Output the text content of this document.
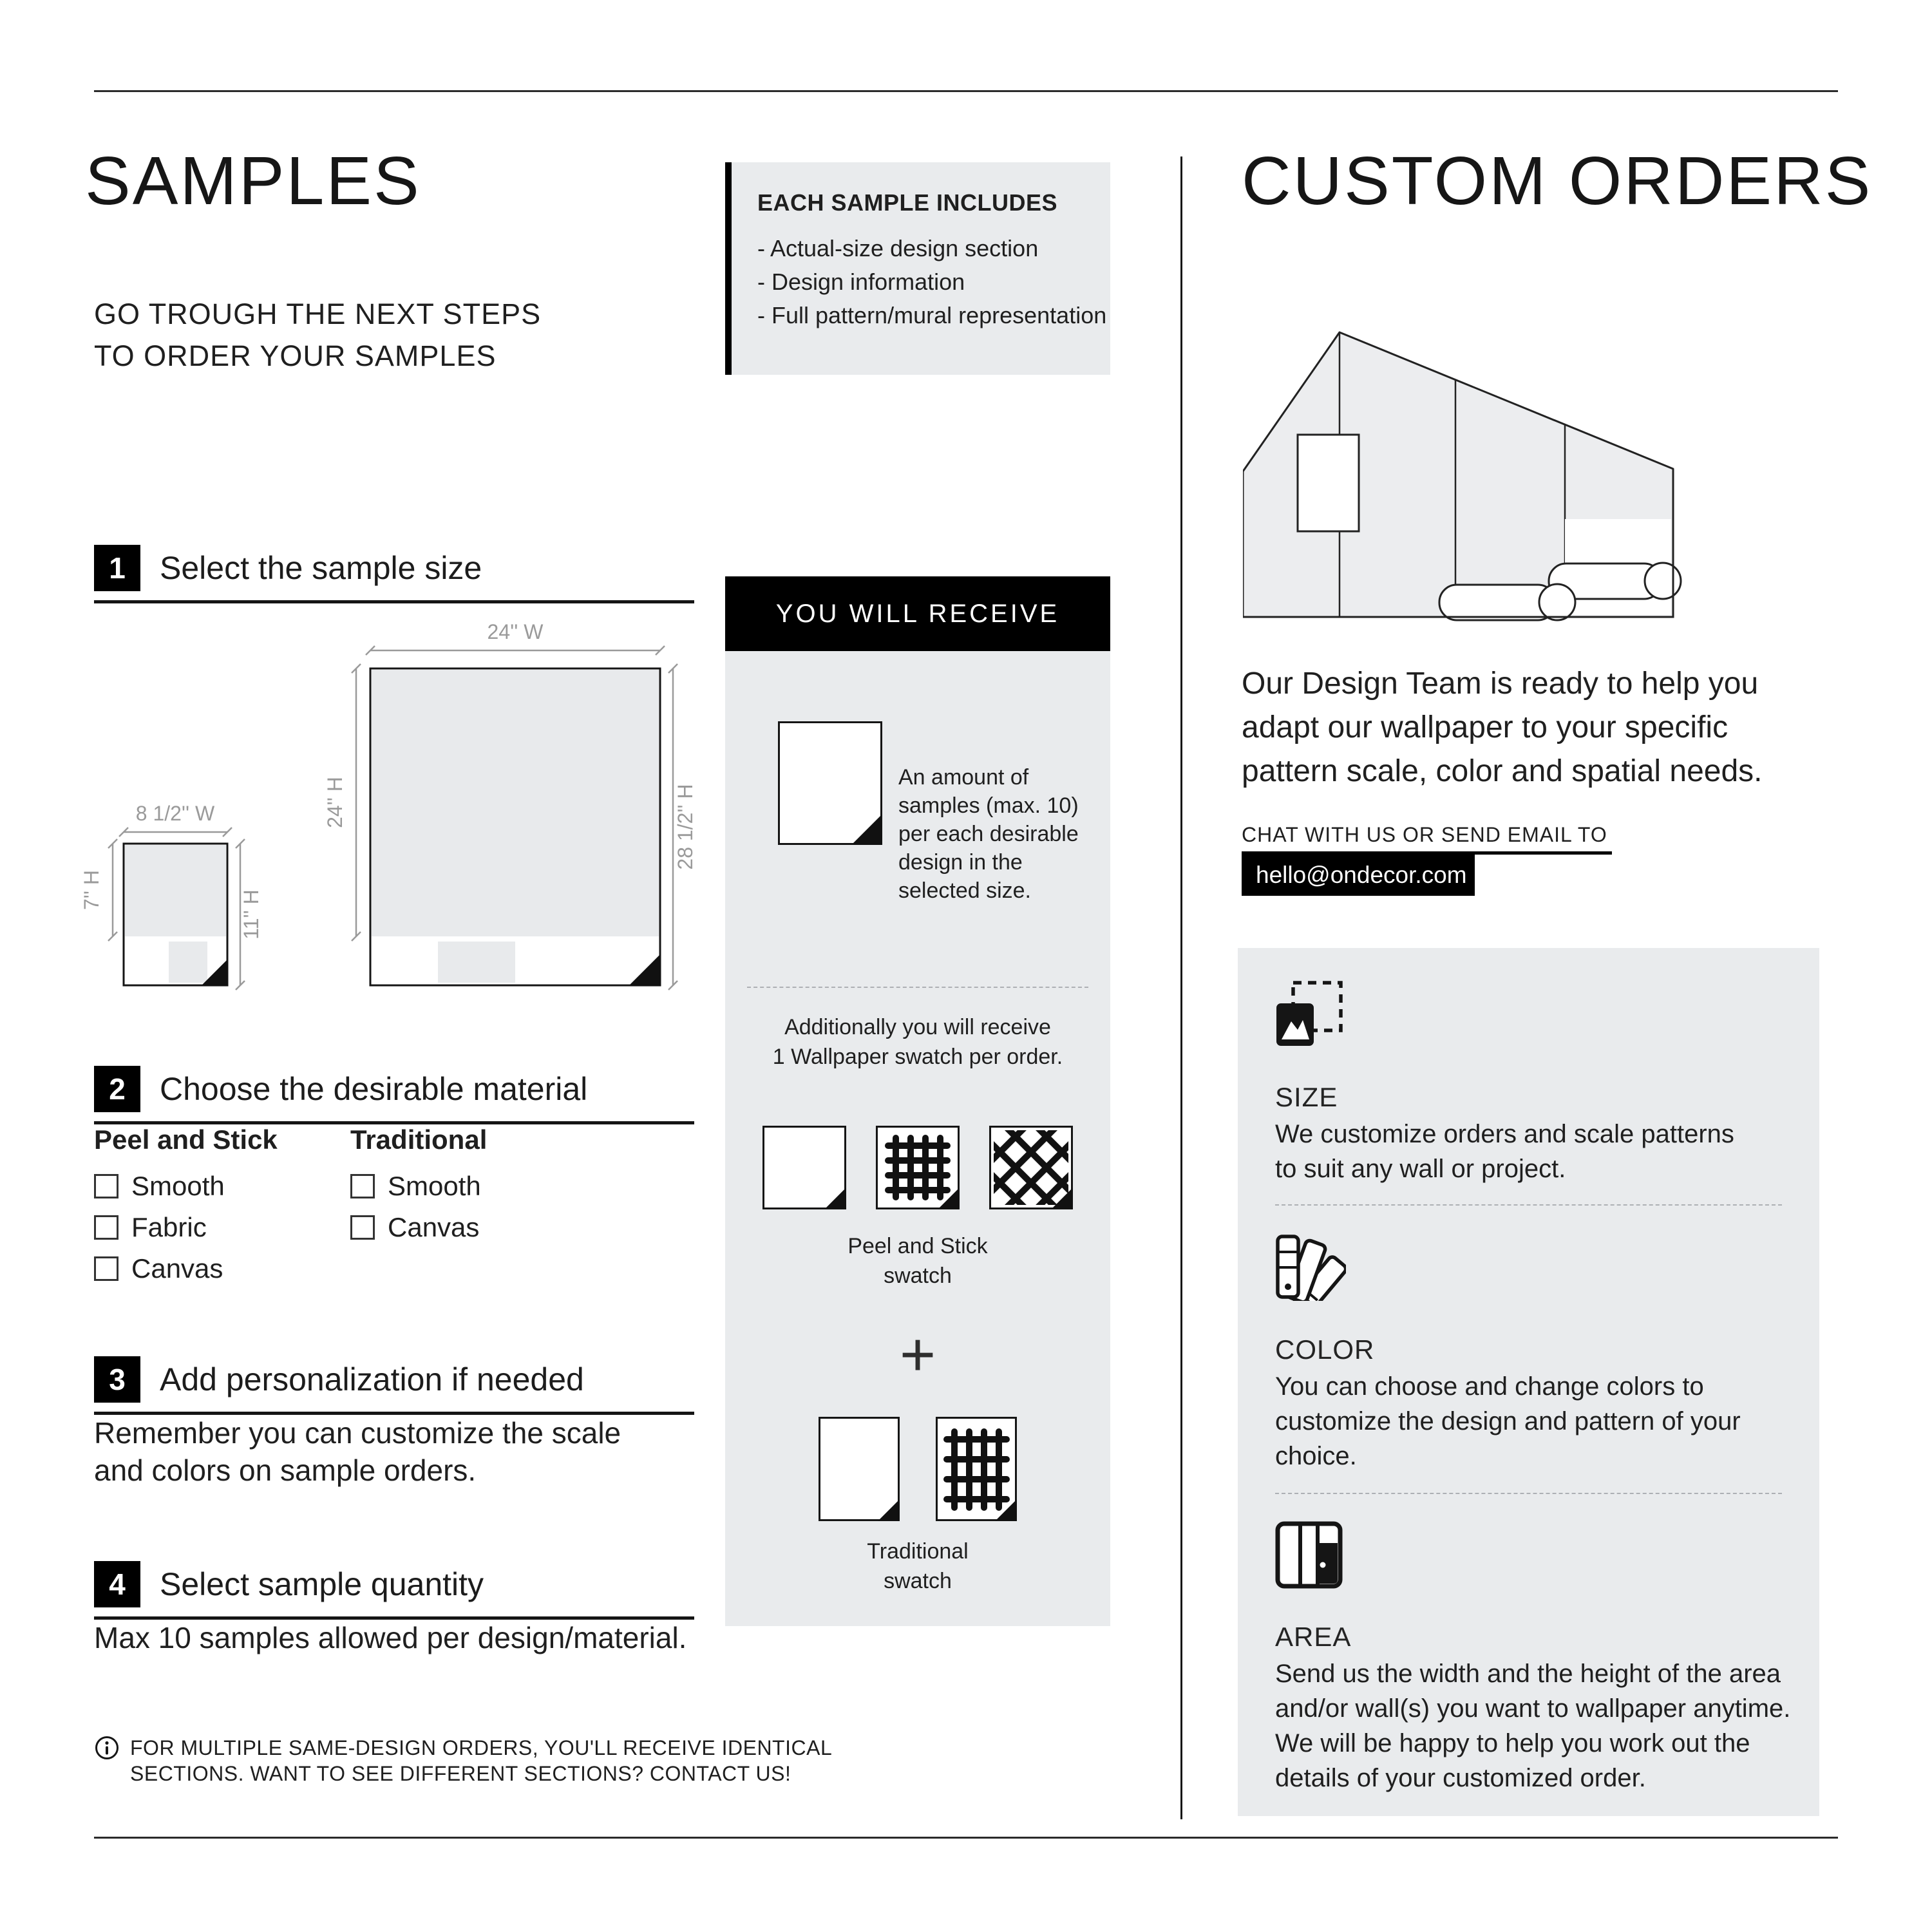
SAMPLES
GO TROUGH THE NEXT STEPS
TO ORDER YOUR SAMPLES
1	Select the sample size
24'' W
24'' H	28 1/2'' H
8 1/2'' W
7'' H	11'' H
2	Choose the desirable material
Peel and Stick
Smooth
Fabric
Canvas
Traditional
Smooth
Canvas
3	Add personalization if needed
Remember you can customize the scale
and colors on sample orders.
4	Select sample quantity
Max 10 samples allowed per design/material.
FOR MULTIPLE SAME-DESIGN ORDERS, YOU'LL RECEIVE IDENTICAL
SECTIONS. WANT TO SEE DIFFERENT SECTIONS? CONTACT US!
EACH SAMPLE INCLUDES
- Actual-size design section
- Design information
- Full pattern/mural representation
YOU WILL RECEIVE
An amount of
samples (max. 10)
per each desirable
design in the
selected size.
Additionally you will receive
1 Wallpaper swatch per order.
Peel and Stick
swatch
+
Traditional
swatch
CUSTOM ORDERS
Our Design Team is ready to help you
adapt our wallpaper to your specific
pattern scale, color and spatial needs.
CHAT WITH US OR SEND EMAIL TO
hello@ondecor.com
SIZE
We customize orders and scale patterns
to suit any wall or project.
COLOR
You can choose and change colors to
customize the design and pattern of your
choice.
AREA
Send us the width and the height of the area
and/or wall(s) you want to wallpaper anytime.
We will be happy to help you work out the
details of your customized order.
